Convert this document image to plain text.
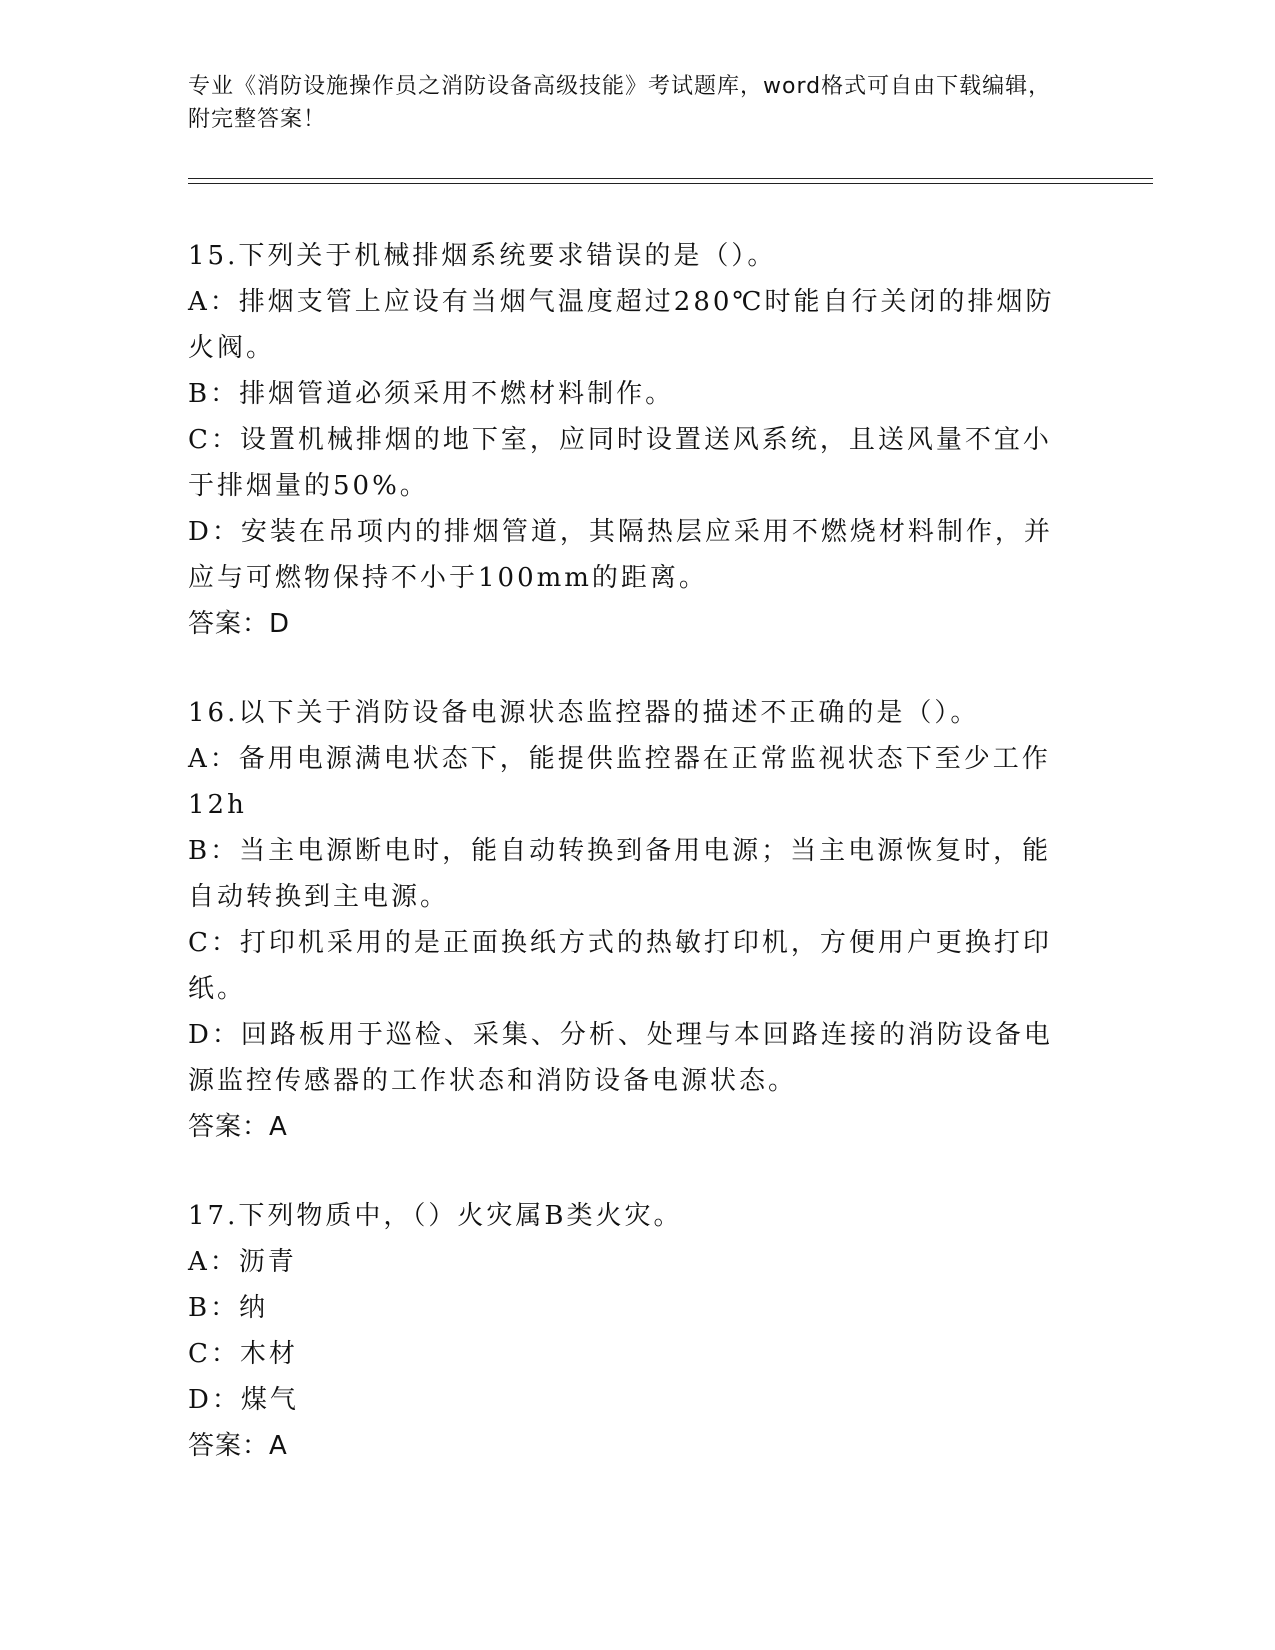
专业《消防设施操作员之消防设备高级技能》考试题库，word格式可自由下载编辑，附完整答案！
15.下列关于机械排烟系统要求错误的是（）。
A：排烟支管上应设有当烟气温度超过280℃时能自行关闭的排烟防火阀。
B：排烟管道必须采用不燃材料制作。
C：设置机械排烟的地下室，应同时设置送风系统，且送风量不宜小于排烟量的50%。
D：安装在吊项内的排烟管道，其隔热层应采用不燃烧材料制作，并应与可燃物保持不小于100mm的距离。
答案：D
16.以下关于消防设备电源状态监控器的描述不正确的是（）。
A：备用电源满电状态下，能提供监控器在正常监视状态下至少工作12h
B：当主电源断电时，能自动转换到备用电源；当主电源恢复时，能自动转换到主电源。
C：打印机采用的是正面换纸方式的热敏打印机，方便用户更换打印纸。
D：回路板用于巡检、采集、分析、处理与本回路连接的消防设备电源监控传感器的工作状态和消防设备电源状态。
答案：A
17.下列物质中，（）火灾属B类火灾。
A：沥青
B：纳
C：木材
D：煤气
答案：A
